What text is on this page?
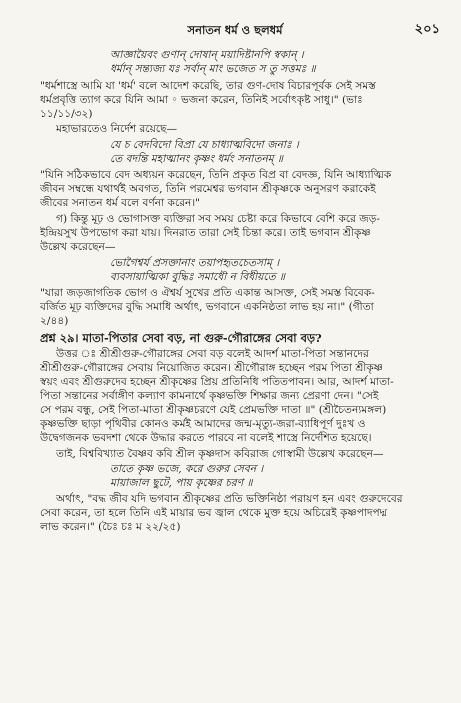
সনাতন ধর্ম ও ছলধর্ম	২০১
আজ্ঞায়ৈবং গুণান্ দোষান্ ময়াদিষ্টানপি স্বকান্ ।
ধর্মান্ সন্ত্যজ্য যঃ সর্বান্ মাং ভজেত স তু সত্তমঃ ॥
"ধর্মশাস্ত্রে আমি যা 'ধর্ম' বলে আদেশ করেছি, তার গুণ-দোষ বিচারপূর্বক সেই সমস্ত
ধর্মপ্রবৃত্তি ত্যাগ করে যিনি আমা ◦ ভজনা করেন, তিনিই সর্বোৎকৃষ্ট সাধু।" (ভাঃ
১১/১১/৩২)
মহাভারতেও নির্দেশ রয়েছে—
যে চ বেদবিদো বিপ্রা যে চাধ্যাত্মবিদো জনাঃ ।
তে বদন্তি মহাত্মানং কৃষ্ণং ধর্মং সনাতনম্ ॥
"যিনি সঠিকভাবে বেদ অধ্যয়ন করেছেন, তিনি প্রকৃত বিপ্র বা বেদজ্ঞ, যিনি আধ্যাত্মিক
জীবন সম্বন্ধে যথার্থই অবগত, তিনি পরমেশ্বর ভগবান শ্রীকৃষ্ণকে অনুসরণ করাকেই
জীবের সনাতন ধর্ম বলে বর্ণনা করেন।"
গ) কিন্তু মূঢ় ও ভোগাসক্ত ব্যক্তিরা সব সময় চেষ্টা করে কিভাবে বেশি করে জড়-
ইন্দ্রিয়সুখ উপভোগ করা যায়। দিনরাত তারা সেই চিন্তা করে। তাই ভগবান শ্রীকৃষ্ণ
উল্লেখ করেছেন—
ভোগৈশ্বর্য প্রসক্তানাং তয়াপহৃতচেতসাম্ ।
ব্যবসায়াত্মিকা বুদ্ধিঃ সমাধৌ ন বিধীয়তে ॥
"যারা জড়জাগতিক ভোগ ও ঐশ্বর্য সুখের প্রতি একান্ত আসক্ত, সেই সমস্ত বিবেক-
বর্জিত মূঢ় ব্যক্তিদের বুদ্ধি সমাধি অর্থাৎ, ভগবানে একনিষ্ঠতা লাভ হয় না।" (গীতা
২/৪৪)
প্রশ্ন ২৯। মাতা-পিতার সেবা বড়, না গুরু-গৌরাঙ্গের সেবা বড়?
উত্তর ঃ শ্রীশ্রীগুরু-গৌরাঙ্গের সেবা বড় বলেই আদর্শ মাতা-পিতা সন্তানদের
শ্রীশ্রীগুরু-গৌরাঙ্গের সেবায় নিয়োজিত করেন। শ্রীগৌরাঙ্গ হচ্ছেন পরম পিতা শ্রীকৃষ্ণ
স্বয়ং এবং শ্রীগুরুদেব হচ্ছেন শ্রীকৃষ্ণের প্রিয় প্রতিনিধি পতিতপাবন। আর, আদর্শ মাতা-
পিতা সন্তানের সর্বাঙ্গীণ কল্যাণ কামনার্থে কৃষ্ণভক্তি শিক্ষার জন্য প্রেরণা দেন। "সেই
সে পরম বন্ধু, সেই পিতা-মাতা শ্রীকৃষ্ণচরণে যেই প্রেমভক্তি দাতা ॥" (শ্রীচৈতন্যমঙ্গল)
কৃষ্ণভক্তি ছাড়া পৃথিবীর কোনও কর্মই আমাদের জন্ম-মৃত্যু-জরা-ব্যাধিপূর্ণ দুঃখ ও
উদ্বেগজনক ভবদশা থেকে উদ্ধার করতে পারবে না বলেই শাস্ত্রে নির্দেশিত হয়েছে।
তাই, বিশ্ববিখ্যাত বৈষ্ণব কবি শ্রীল কৃষ্ণদাস কবিরাজ গোস্বামী উল্লেখ করেছেন—
তাতে কৃষ্ণ ভজে, করে গুরুর সেবন ।
মায়াজাল ছুটে, পায় কৃষ্ণের চরণ ॥
অর্থাৎ, "বদ্ধ জীব যদি ভগবান শ্রীকৃষ্ণের প্রতি ভক্তিনিষ্ঠা পরায়ণ হন এবং গুরুদেবের
সেবা করেন, তা হলে তিনি এই মায়ার ভব জ্বাল থেকে মুক্ত হয়ে অচিরেই কৃষ্ণপাদপদ্ম
লাভ করেন।" (চৈঃ চঃ ম ২২/২৫)
